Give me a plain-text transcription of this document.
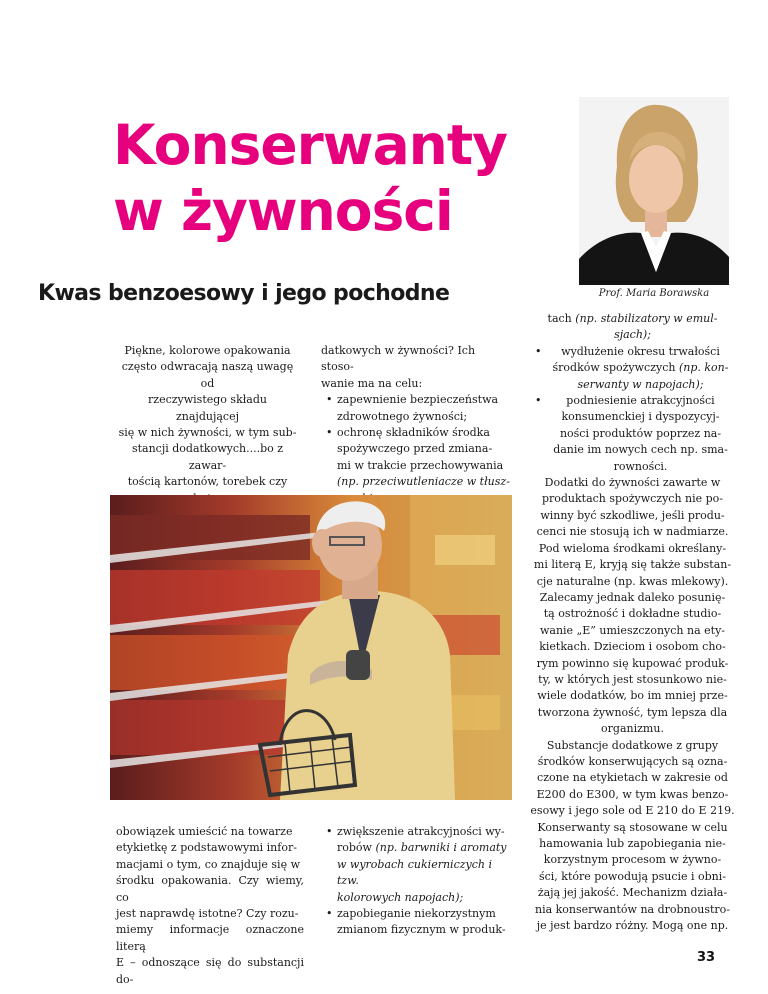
Konserwanty
w żywności
Kwas benzoesowy i jego pochodne	Prof. Maria Borawska

Piękne, kolorowe opakowania
często odwracają naszą uwagę od
rzeczywistego składu znajdującej
się w nich żywności, w tym sub-
stancji dodatkowych....bo z zawar-
tością kartonów, torebek czy

datkowych w żywności? Ich stoso-
wanie ma na celu:

• zapewnienie bezpieczeństwa
zdrowotnego żywności;
• ochronę składników środka
spożywczego przed zmiana-
mi w trakcie przechowywania
(np. przeciwutleniacze w tłusz-

obowiązek umieścić na towarze
etykietkę z podstawowymi infor-
macjami o tym, co znajduje się w
środku opakowania. Czy wiemy, co
jest naprawdę istotne? Czy rozu-
miemy informacje oznaczone literą
E – odnoszące się do substancji do-

• zwiększenie atrakcyjności wy-
robów (np. barwniki i aromaty
w wyrobach cukierniczych i tzw.
kolorowych napojach);
• zapobieganie niekorzystnym
zmianom fizycznym w produk-

tach (np. stabilizatory w emul-
sjach);

• wydłużenie okresu trwałości
środków spożywczych (np. kon-
serwanty w napojach);
• podniesienie atrakcyjności
konsumenckiej i dyspozycyj-
ności produktów poprzez na-
danie im nowych cech np. sma-
rowności.

Dodatki do żywności zawarte w
produktach spożywczych nie po-
winny być szkodliwe, jeśli produ-
cenci nie stosują ich w nadmiarze.
Pod wieloma środkami określany-
mi literą E, kryją się także substan-
cje naturalne (np. kwas mlekowy).
Zalecamy jednak daleko posunię-
tą ostrożność i dokładne studio-
wanie „E” umieszczonych na ety-
kietkach. Dzieciom i osobom cho-
rym powinno się kupować produk-
ty, w których jest stosunkowo nie-
wiele dodatków, bo im mniej prze-
tworzona żywność, tym lepsza dla
organizmu.

Substancje dodatkowe z grupy
środków konserwujących są ozna-
czone na etykietach w zakresie od
E200 do E300, w tym kwas benzo-
esowy i jego sole od E 210 do E 219.
Konserwanty są stosowane w celu
hamowania lub zapobiegania nie-
korzystnym procesom w żywno-
ści, które powodują psucie i obni-
żają jej jakość. Mechanizm działa-
nia konserwantów na drobnoustro-
je jest bardzo różny. Mogą one np.

33
